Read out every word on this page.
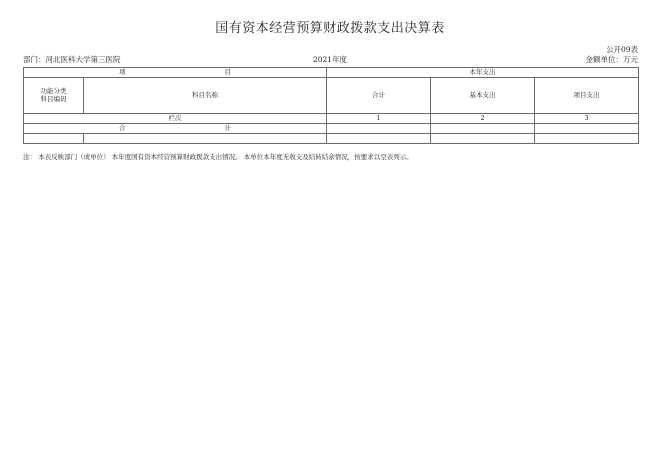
国有资本经营预算财政拨款支出决算表
公开09表
部门：河北医科大学第三医院	2021年度	金额单位：万元
项 目		本年支出		
功能分类
科目编码	科目名称	合计	基本支出	项目支出
栏次		1	2	3
合 计				

注： 本表反映部门（或单位） 本年度国有资本经营预算财政拨款支出情况。 本单位本年度无收支及结转结余情况，按要求以空表列示。
